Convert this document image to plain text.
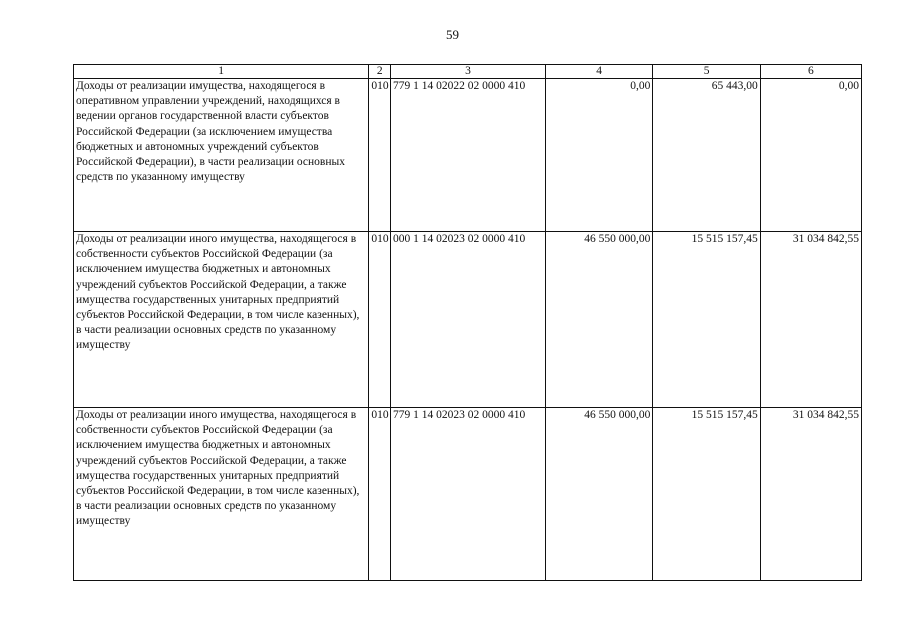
59
1	2	3	4	5	6
Доходы от реализации имущества, находящегося в оперативном управлении учреждений, находящихся в ведении органов государственной власти субъектов Российской Федерации (за исключением имущества бюджетных и автономных учреждений субъектов Российской Федерации), в части реализации основных средств по указанному имуществу	010	779 1 14 02022 02 0000 410	0,00	65 443,00	0,00
Доходы от реализации иного имущества, находящегося в собственности субъектов Российской Федерации (за исключением имущества бюджетных и автономных учреждений субъектов Российской Федерации, а также имущества государственных унитарных предприятий субъектов Российской Федерации, в том числе казенных), в части реализации основных средств по указанному имуществу	010	000 1 14 02023 02 0000 410	46 550 000,00	15 515 157,45	31 034 842,55
Доходы от реализации иного имущества, находящегося в собственности субъектов Российской Федерации (за исключением имущества бюджетных и автономных учреждений субъектов Российской Федерации, а также имущества государственных унитарных предприятий субъектов Российской Федерации, в том числе казенных), в части реализации основных средств по указанному имуществу	010	779 1 14 02023 02 0000 410	46 550 000,00	15 515 157,45	31 034 842,55
